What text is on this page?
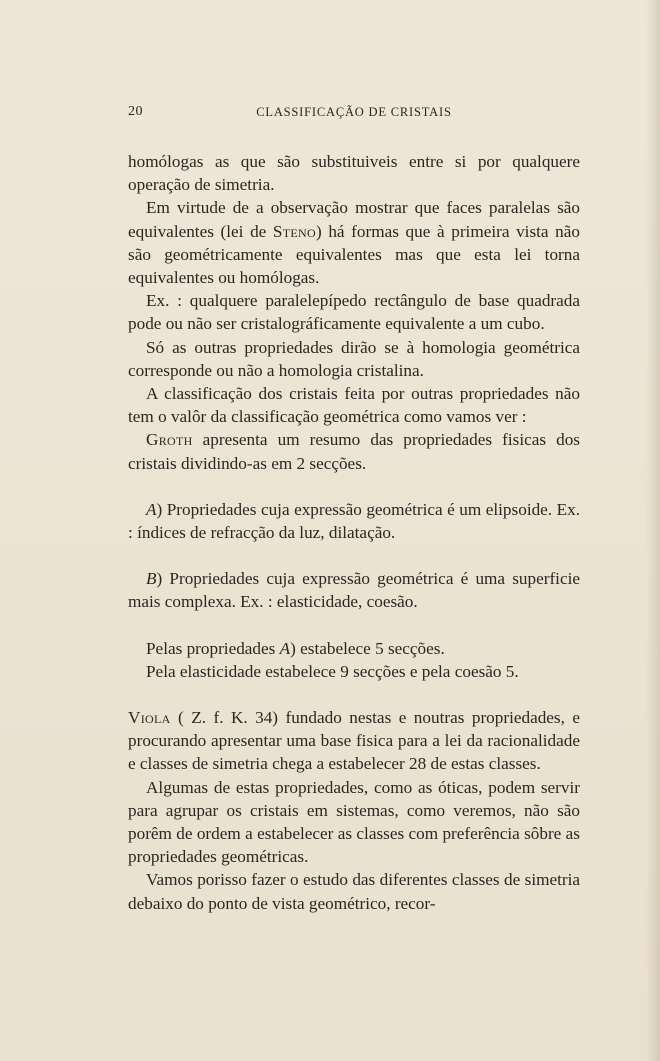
20	CLASSIFICAÇÃO DE CRISTAIS

homólogas as que são substituiveis entre si por qualquere operação de simetria.

Em virtude de a observação mostrar que faces paralelas são equivalentes (lei de Steno) há formas que à primeira vista não são geométricamente equivalentes mas que esta lei torna equivalentes ou homólogas.

Ex. : qualquere paralelepípedo rectângulo de base quadrada pode ou não ser cristalográficamente equivalente a um cubo.

Só as outras propriedades dirão se à homologia geométrica corresponde ou não a homologia cristalina.

A classificação dos cristais feita por outras propriedades não tem o valôr da classificação geométrica como vamos ver :

Groth apresenta um resumo das propriedades fisicas dos cristais dividindo-as em 2 secções.

A) Propriedades cuja expressão geométrica é um elipsoide. Ex. : índices de refracção da luz, dilatação.

B) Propriedades cuja expressão geométrica é uma superficie mais complexa. Ex. : elasticidade, coesão.

Pelas propriedades A) estabelece 5 secções.

Pela elasticidade estabelece 9 secções e pela coesão 5.

Viola ( Z. f. K. 34) fundado nestas e noutras propriedades, e procurando apresentar uma base fisica para a lei da racionalidade e classes de simetria chega a estabelecer 28 de estas classes.

Algumas de estas propriedades, como as óticas, podem servir para agrupar os cristais em sistemas, como veremos, não são porêm de ordem a estabelecer as classes com preferência sôbre as propriedades geométricas.

Vamos porisso fazer o estudo das diferentes classes de simetria debaixo do ponto de vista geométrico, recor-
